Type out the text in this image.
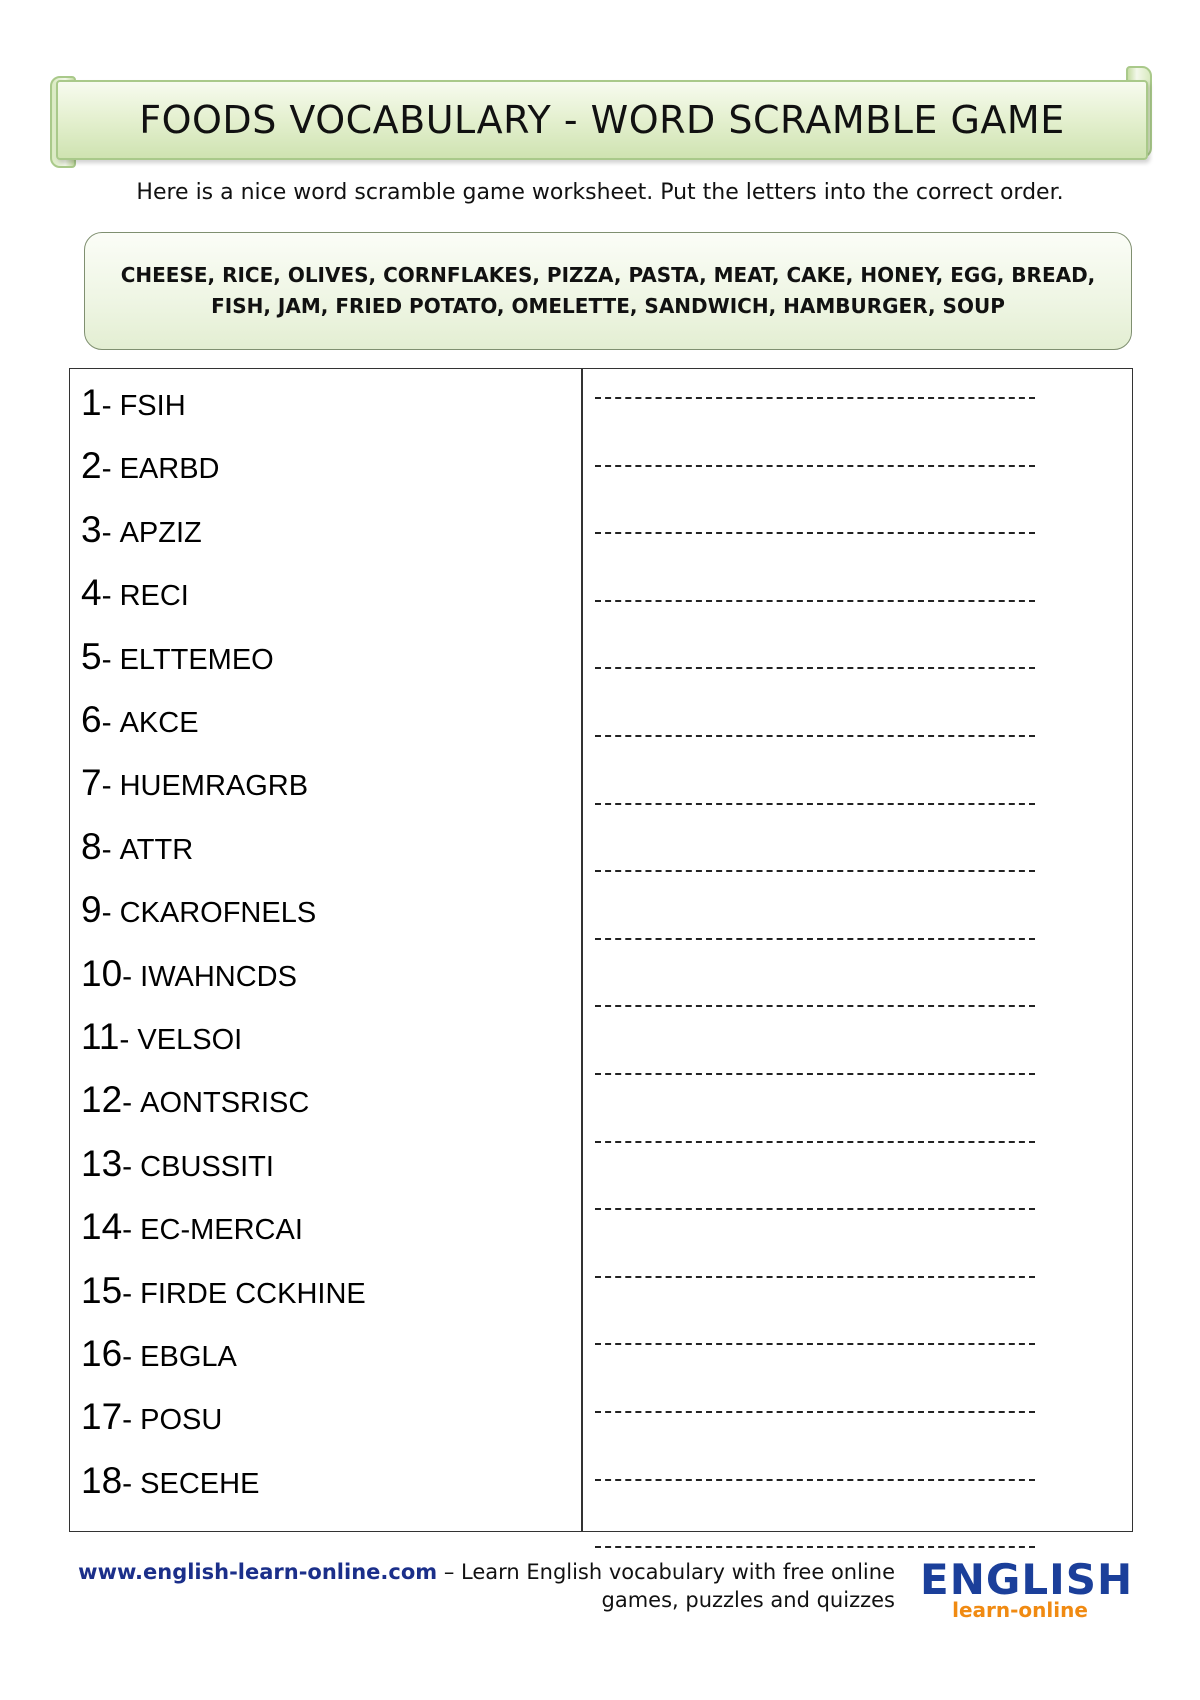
FOODS VOCABULARY - WORD SCRAMBLE GAME
Here is a nice word scramble game worksheet. Put the letters into the correct order.
CHEESE, RICE, OLIVES, CORNFLAKES, PIZZA, PASTA, MEAT, CAKE, HONEY, EGG, BREAD, FISH, JAM, FRIED POTATO, OMELETTE, SANDWICH, HAMBURGER, SOUP
1- FSIH
2- EARBD
3- APZIZ
4- RECI
5- ELTTEMEO
6- AKCE
7- HUEMRAGRB
8- ATTR
9- CKAROFNELS
10- IWAHNCDS
11- VELSOI
12- AONTSRISC
13- CBUSSITI
14- EC-MERCAI
15- FIRDE CCKHINE
16- EBGLA
17- POSU
18- SECEHE
www.english-learn-online.com – Learn English vocabulary with free online
games, puzzles and quizzes ENGLISH
learn-online
